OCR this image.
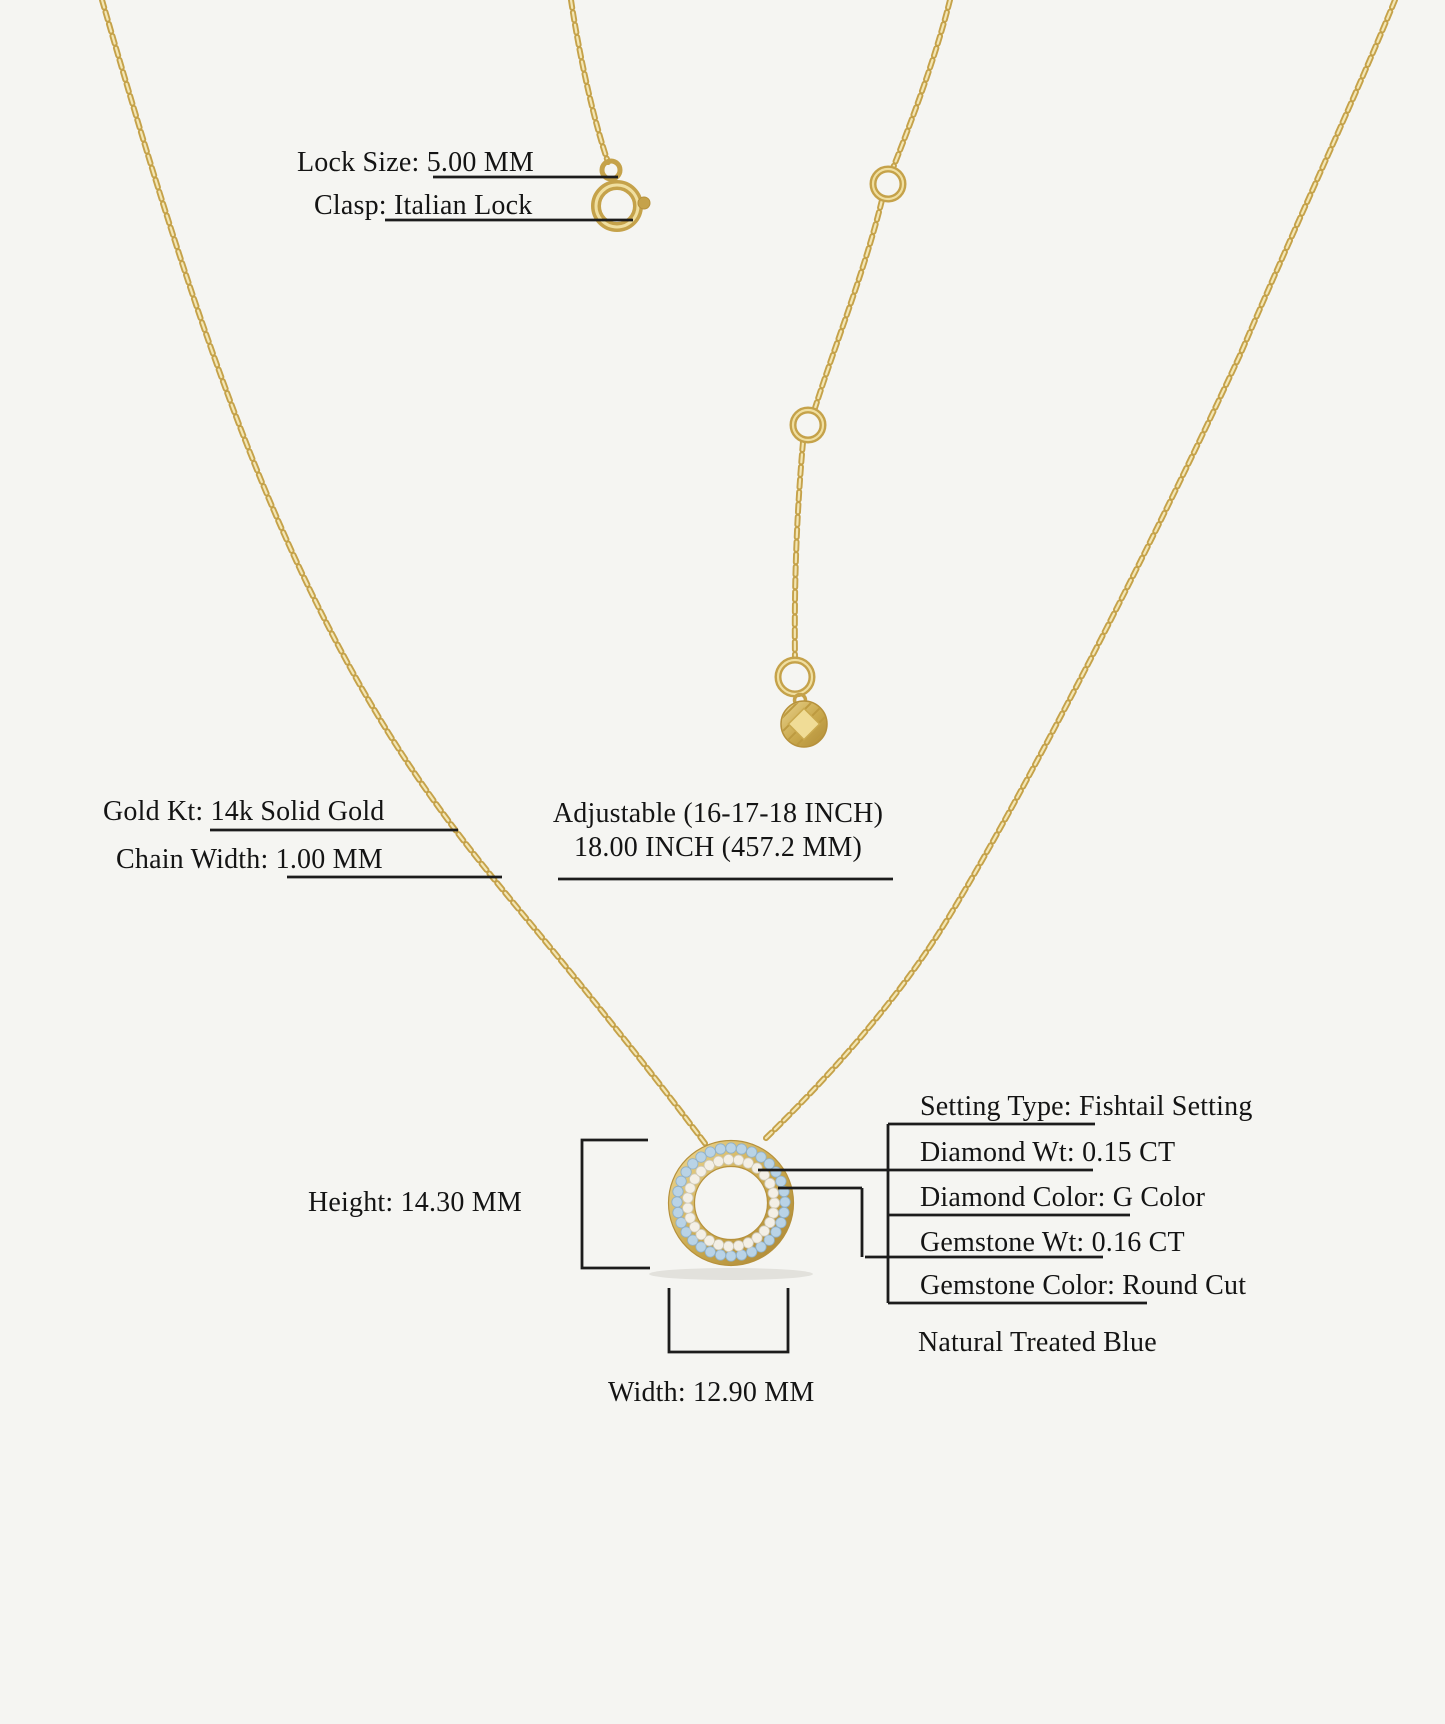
Lock Size: 5.00 MM
Clasp: Italian Lock
Gold Kt: 14k Solid Gold
Chain Width: 1.00 MM
Adjustable (16-17-18 INCH)
18.00 INCH (457.2 MM)
Setting Type: Fishtail Setting
Diamond Wt: 0.15 CT
Diamond Color: G Color
Gemstone Wt: 0.16 CT
Gemstone Color: Round Cut
Natural Treated Blue
Height: 14.30 MM
Width: 12.90 MM
